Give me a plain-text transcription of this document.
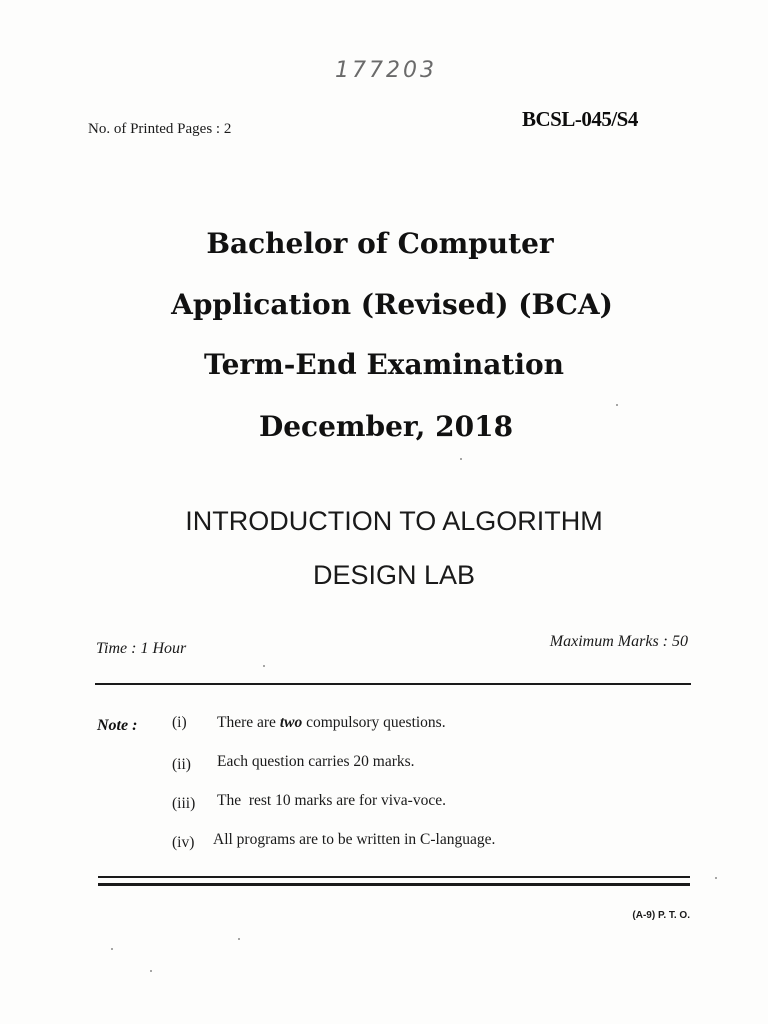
177203
No. of Printed Pages : 2	BCSL-045/S4
Bachelor of Computer
Application (Revised) (BCA)
Term-End Examination
December, 2018
INTRODUCTION TO ALGORITHM
DESIGN LAB
Time : 1 Hour	Maximum Marks : 50
Note : (i) There are two compulsory questions.
(ii) Each question carries 20 marks.
(iii) The  rest 10 marks are for viva-voce.
(iv) All programs are to be written in C-language.
(A-9) P. T. O.
